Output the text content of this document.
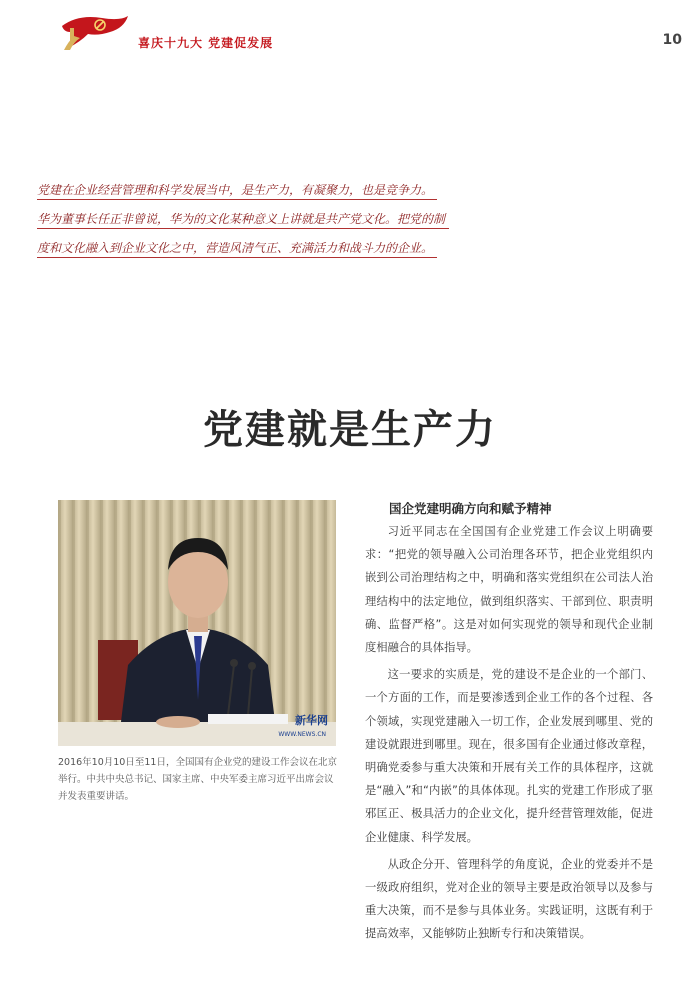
喜庆十九大 党建促发展	10
党建在企业经营管理和科学发展当中，是生产力，有凝聚力，也是竞争力。
华为董事长任正非曾说，华为的文化某种意义上讲就是共产党文化。把党的制
度和文化融入到企业文化之中，营造风清气正、充满活力和战斗力的企业。
党建就是生产力
新华网
WWW.NEWS.CN
2016年10月10日至11日，全国国有企业党的建设工作会议在北京举行。中共中央总书记、国家主席、中央军委主席习近平出席会议并发表重要讲话。
国企党建明确方向和赋予精神

习近平同志在全国国有企业党建工作会议上明确要求：“把党的领导融入公司治理各环节，把企业党组织内嵌到公司治理结构之中，明确和落实党组织在公司法人治理结构中的法定地位，做到组织落实、干部到位、职责明确、监督严格”。这是对如何实现党的领导和现代企业制度相融合的具体指导。

这一要求的实质是，党的建设不是企业的一个部门、一个方面的工作，而是要渗透到企业工作的各个过程、各个领域，实现党建融入一切工作，企业发展到哪里、党的建设就跟进到哪里。现在，很多国有企业通过修改章程，明确党委参与重大决策和开展有关工作的具体程序，这就是“融入”和“内嵌”的具体体现。扎实的党建工作形成了驱邪匡正、极具活力的企业文化，提升经营管理效能，促进企业健康、科学发展。

从政企分开、管理科学的角度说，企业的党委并不是一级政府组织，党对企业的领导主要是政治领导以及参与重大决策，而不是参与具体业务。实践证明，这既有利于提高效率，又能够防止独断专行和决策错误。
